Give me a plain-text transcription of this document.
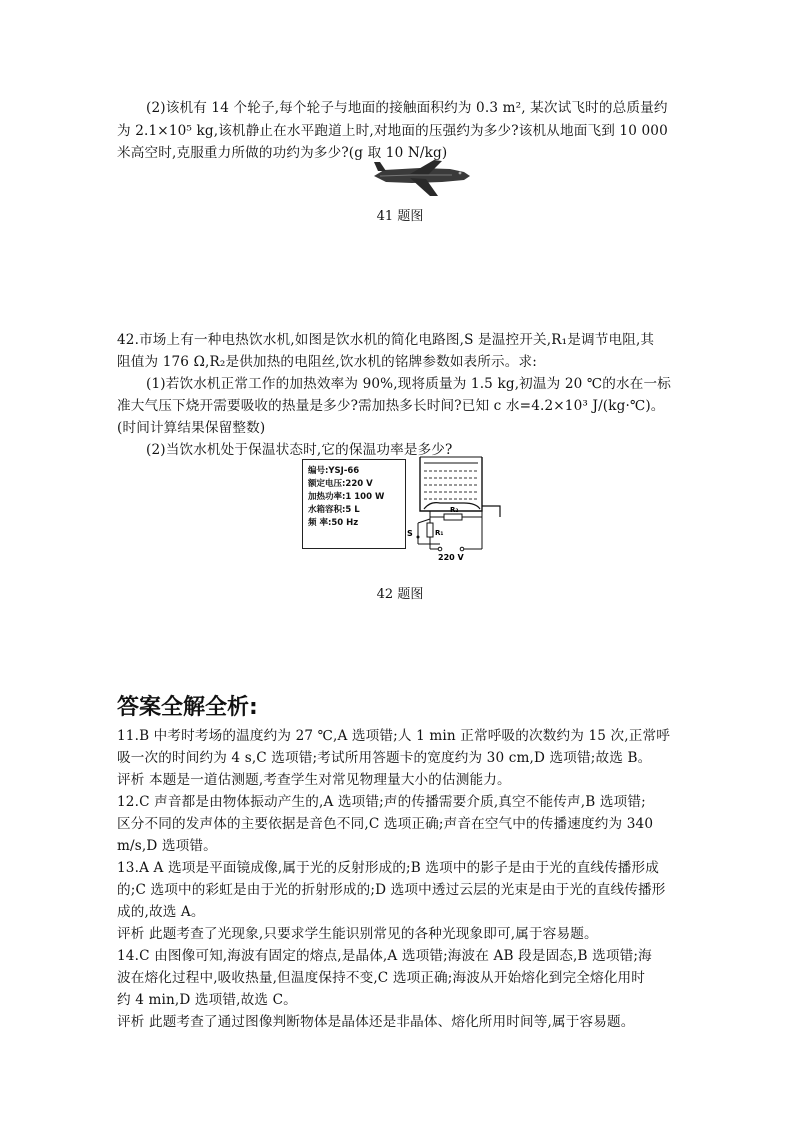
(2)该机有 14 个轮子,每个轮子与地面的接触面积约为 0.3 m², 某次试飞时的总质量约
为 2.1×10⁵ kg,该机静止在水平跑道上时,对地面的压强约为多少?该机从地面飞到 10 000
米高空时,克服重力所做的功约为多少?(g 取 10 N/kg)
41 题图
42.市场上有一种电热饮水机,如图是饮水机的简化电路图,S 是温控开关,R₁是调节电阻,其
阻值为 176 Ω,R₂是供加热的电阻丝,饮水机的铭牌参数如表所示。求:
(1)若饮水机正常工作的加热效率为 90%,现将质量为 1.5 kg,初温为 20 ℃的水在一标
准大气压下烧开需要吸收的热量是多少?需加热多长时间?已知 c 水=4.2×10³ J/(kg·℃)。
(时间计算结果保留整数)
(2)当饮水机处于保温状态时,它的保温功率是多少?
编号:YSJ-66
额定电压:220 V
加热功率:1 100 W
水箱容积:5 L
频 率:50 Hz
S	R₁
R₂
220 V
42 题图
答案全解全析:
11.B 中考时考场的温度约为 27 ℃,A 选项错;人 1 min 正常呼吸的次数约为 15 次,正常呼
吸一次的时间约为 4 s,C 选项错;考试所用答题卡的宽度约为 30 cm,D 选项错;故选 B。
评析 本题是一道估测题,考查学生对常见物理量大小的估测能力。
12.C 声音都是由物体振动产生的,A 选项错;声的传播需要介质,真空不能传声,B 选项错;
区分不同的发声体的主要依据是音色不同,C 选项正确;声音在空气中的传播速度约为 340
m/s,D 选项错。
13.A A 选项是平面镜成像,属于光的反射形成的;B 选项中的影子是由于光的直线传播形成
的;C 选项中的彩虹是由于光的折射形成的;D 选项中透过云层的光束是由于光的直线传播形
成的,故选 A。
评析 此题考查了光现象,只要求学生能识别常见的各种光现象即可,属于容易题。
14.C 由图像可知,海波有固定的熔点,是晶体,A 选项错;海波在 AB 段是固态,B 选项错;海
波在熔化过程中,吸收热量,但温度保持不变,C 选项正确;海波从开始熔化到完全熔化用时
约 4 min,D 选项错,故选 C。
评析 此题考查了通过图像判断物体是晶体还是非晶体、熔化所用时间等,属于容易题。
